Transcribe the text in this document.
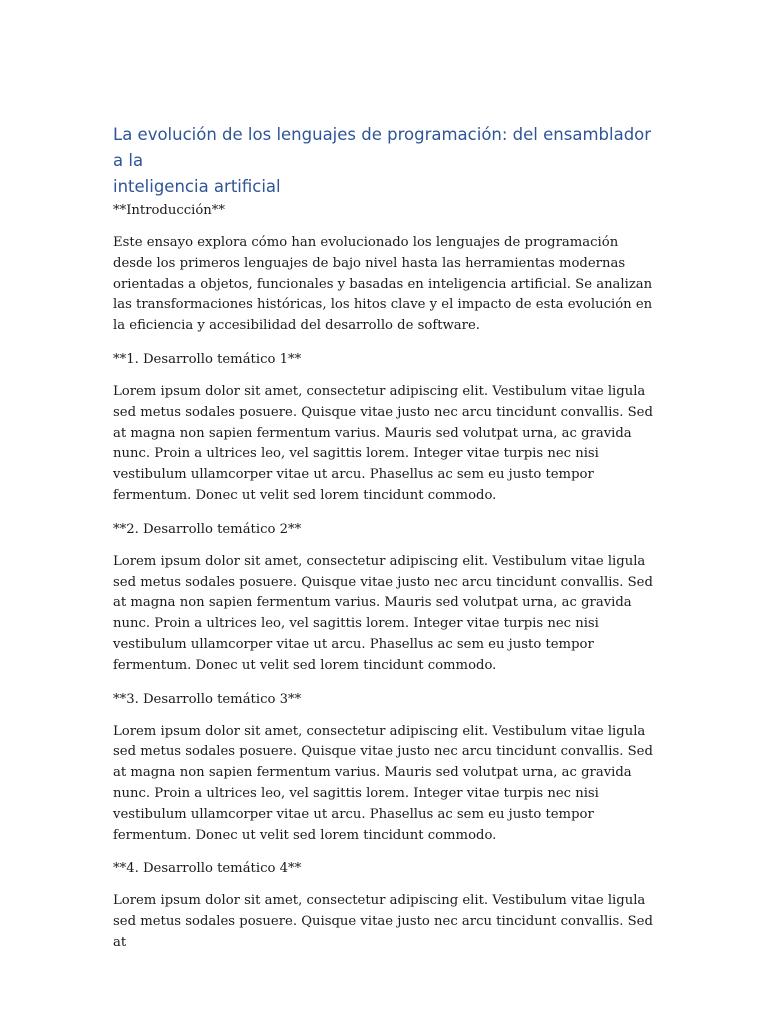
La evolución de los lenguajes de programación: del ensamblador a la
inteligencia artificial

**Introducción**

Este ensayo explora cómo han evolucionado los lenguajes de programación desde los primeros lenguajes de bajo nivel hasta las herramientas modernas orientadas a objetos, funcionales y basadas en inteligencia artificial. Se analizan las transformaciones históricas, los hitos clave y el impacto de esta evolución en la eficiencia y accesibilidad del desarrollo de software.

**1. Desarrollo temático 1**

Lorem ipsum dolor sit amet, consectetur adipiscing elit. Vestibulum vitae ligula sed metus sodales posuere. Quisque vitae justo nec arcu tincidunt convallis. Sed at magna non sapien fermentum varius. Mauris sed volutpat urna, ac gravida nunc. Proin a ultrices leo, vel sagittis lorem. Integer vitae turpis nec nisi vestibulum ullamcorper vitae ut arcu. Phasellus ac sem eu justo tempor fermentum. Donec ut velit sed lorem tincidunt commodo.

**2. Desarrollo temático 2**

Lorem ipsum dolor sit amet, consectetur adipiscing elit. Vestibulum vitae ligula sed metus sodales posuere. Quisque vitae justo nec arcu tincidunt convallis. Sed at magna non sapien fermentum varius. Mauris sed volutpat urna, ac gravida nunc. Proin a ultrices leo, vel sagittis lorem. Integer vitae turpis nec nisi vestibulum ullamcorper vitae ut arcu. Phasellus ac sem eu justo tempor fermentum. Donec ut velit sed lorem tincidunt commodo.

**3. Desarrollo temático 3**

Lorem ipsum dolor sit amet, consectetur adipiscing elit. Vestibulum vitae ligula sed metus sodales posuere. Quisque vitae justo nec arcu tincidunt convallis. Sed at magna non sapien fermentum varius. Mauris sed volutpat urna, ac gravida nunc. Proin a ultrices leo, vel sagittis lorem. Integer vitae turpis nec nisi vestibulum ullamcorper vitae ut arcu. Phasellus ac sem eu justo tempor fermentum. Donec ut velit sed lorem tincidunt commodo.

**4. Desarrollo temático 4**

Lorem ipsum dolor sit amet, consectetur adipiscing elit. Vestibulum vitae ligula sed metus sodales posuere. Quisque vitae justo nec arcu tincidunt convallis. Sed at
